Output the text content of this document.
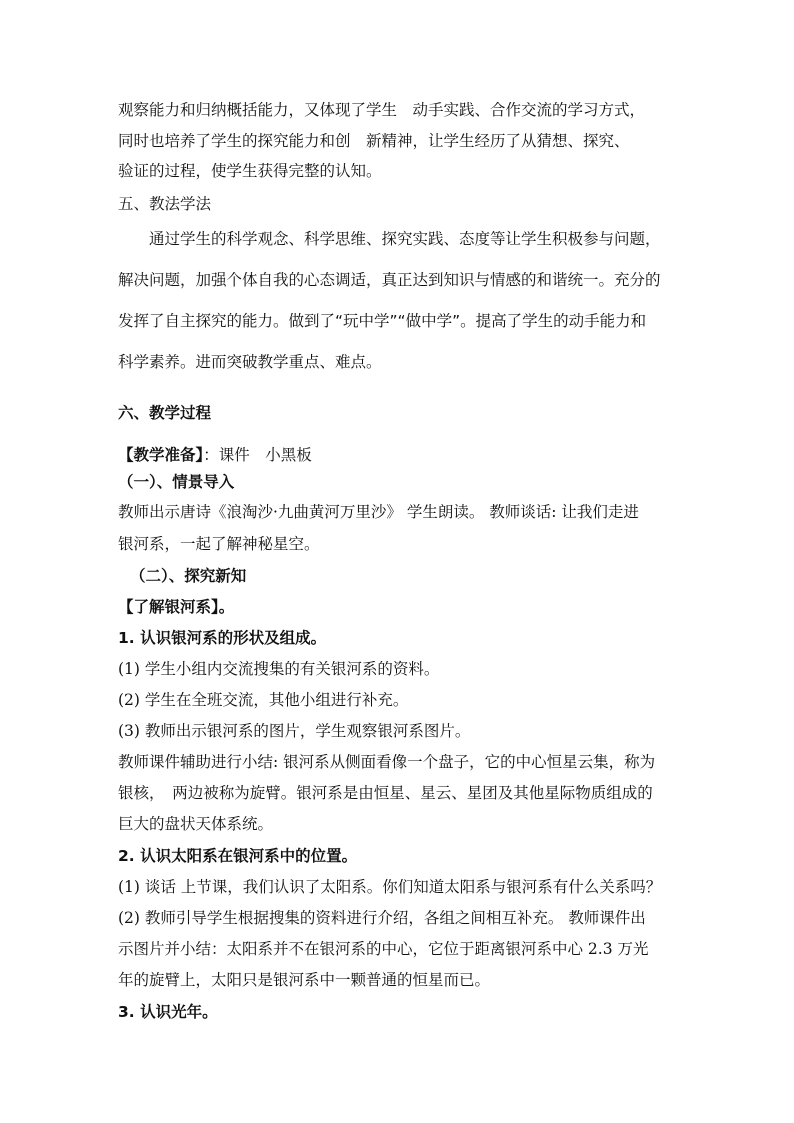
观察能力和归纳概括能力，又体现了学生　动手实践、合作交流的学习方式，
同时也培养了学生的探究能力和创　新精神，让学生经历了从猜想、探究、
验证的过程，使学生获得完整的认知。
五、教法学法
　　通过学生的科学观念、科学思维、探究实践、态度等让学生积极参与问题，
解决问题，加强个体自我的心态调适，真正达到知识与情感的和谐统一。充分的
发挥了自主探究的能力。做到了“玩中学”“做中学”。提高了学生的动手能力和
科学素养。进而突破教学重点、难点。
六、教学过程
【教学准备】：课件　小黑板
（一）、情景导入
教师出示唐诗《浪淘沙·九曲黄河万里沙》 学生朗读。 教师谈话: 让我们走进
银河系，一起了解神秘星空。
（二）、探究新知
【了解银河系】。
1. 认识银河系的形状及组成。
(1) 学生小组内交流搜集的有关银河系的资料。
(2) 学生在全班交流，其他小组进行补充。
(3) 教师出示银河系的图片，学生观察银河系图片。
教师课件辅助进行小结: 银河系从侧面看像一个盘子，它的中心恒星云集，称为
银核，　两边被称为旋臂。银河系是由恒星、星云、星团及其他星际物质组成的
巨大的盘状天体系统。
2. 认识太阳系在银河系中的位置。
(1) 谈话 上节课，我们认识了太阳系。你们知道太阳系与银河系有什么关系吗？
(2) 教师引导学生根据搜集的资料进行介绍，各组之间相互补充。 教师课件出
示图片并小结：太阳系并不在银河系的中心，它位于距离银河系中心 2.3 万光
年的旋臂上，太阳只是银河系中一颗普通的恒星而已。
3. 认识光年。
